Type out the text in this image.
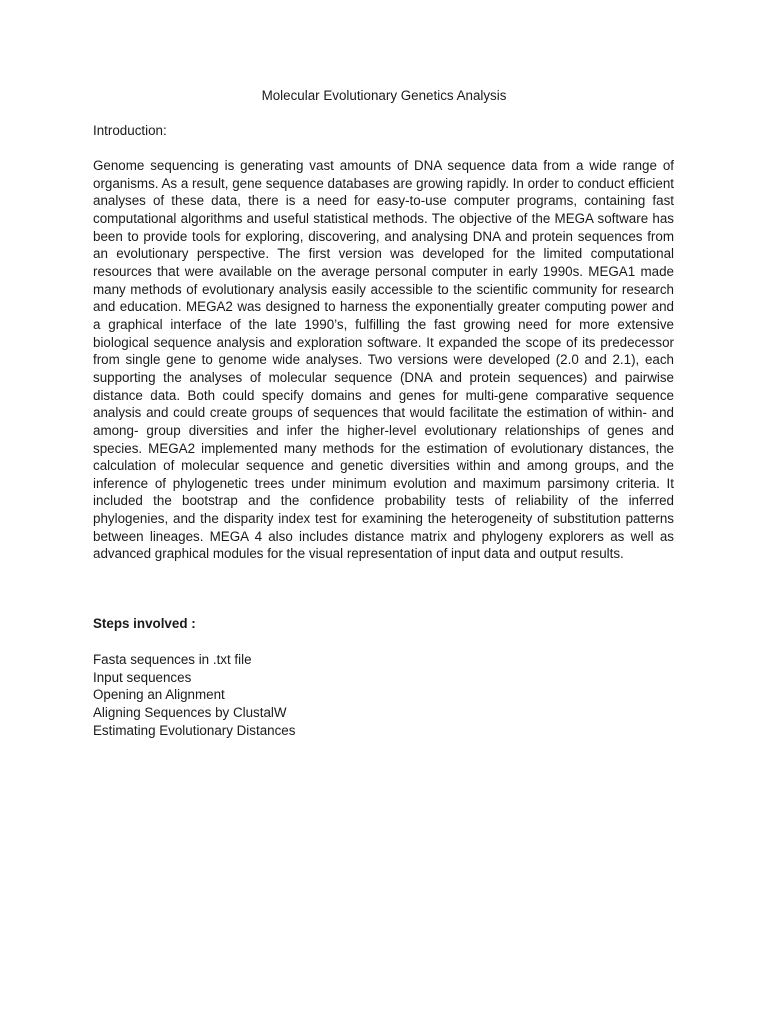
Molecular Evolutionary Genetics Analysis
Introduction:

Genome sequencing is generating vast amounts of DNA sequence data from a wide range of organisms. As a result, gene sequence databases are growing rapidly. In order to conduct efficient analyses of these data, there is a need for easy-to-use computer programs, containing fast computational algorithms and useful statistical methods. The objective of the MEGA software has been to provide tools for exploring, discovering, and analysing DNA and protein sequences from an evolutionary perspective. The first version was developed for the limited computational resources that were available on the average personal computer in early 1990s. MEGA1 made many methods of evolutionary analysis easily accessible to the scientific community for research and education. MEGA2 was designed to harness the exponentially greater computing power and a graphical interface of the late 1990’s, fulfilling the fast growing need for more extensive biological sequence analysis and exploration software. It expanded the scope of its predecessor from single gene to genome wide analyses. Two versions were developed (2.0 and 2.1), each supporting the analyses of molecular sequence (DNA and protein sequences) and pairwise distance data. Both could specify domains and genes for multi-gene comparative sequence analysis and could create groups of sequences that would facilitate the estimation of within- and among- group diversities and infer the higher-level evolutionary relationships of genes and species. MEGA2 implemented many methods for the estimation of evolutionary distances, the calculation of molecular sequence and genetic diversities within and among groups, and the inference of phylogenetic trees under minimum evolution and maximum parsimony criteria. It included the bootstrap and the confidence probability tests of reliability of the inferred phylogenies, and the disparity index test for examining the heterogeneity of substitution patterns between lineages. MEGA 4 also includes distance matrix and phylogeny explorers as well as advanced graphical modules for the visual representation of input data and output results.

Steps involved :
Fasta sequences in .txt file
Input sequences
Opening an Alignment
Aligning Sequences by ClustalW
Estimating Evolutionary Distances
